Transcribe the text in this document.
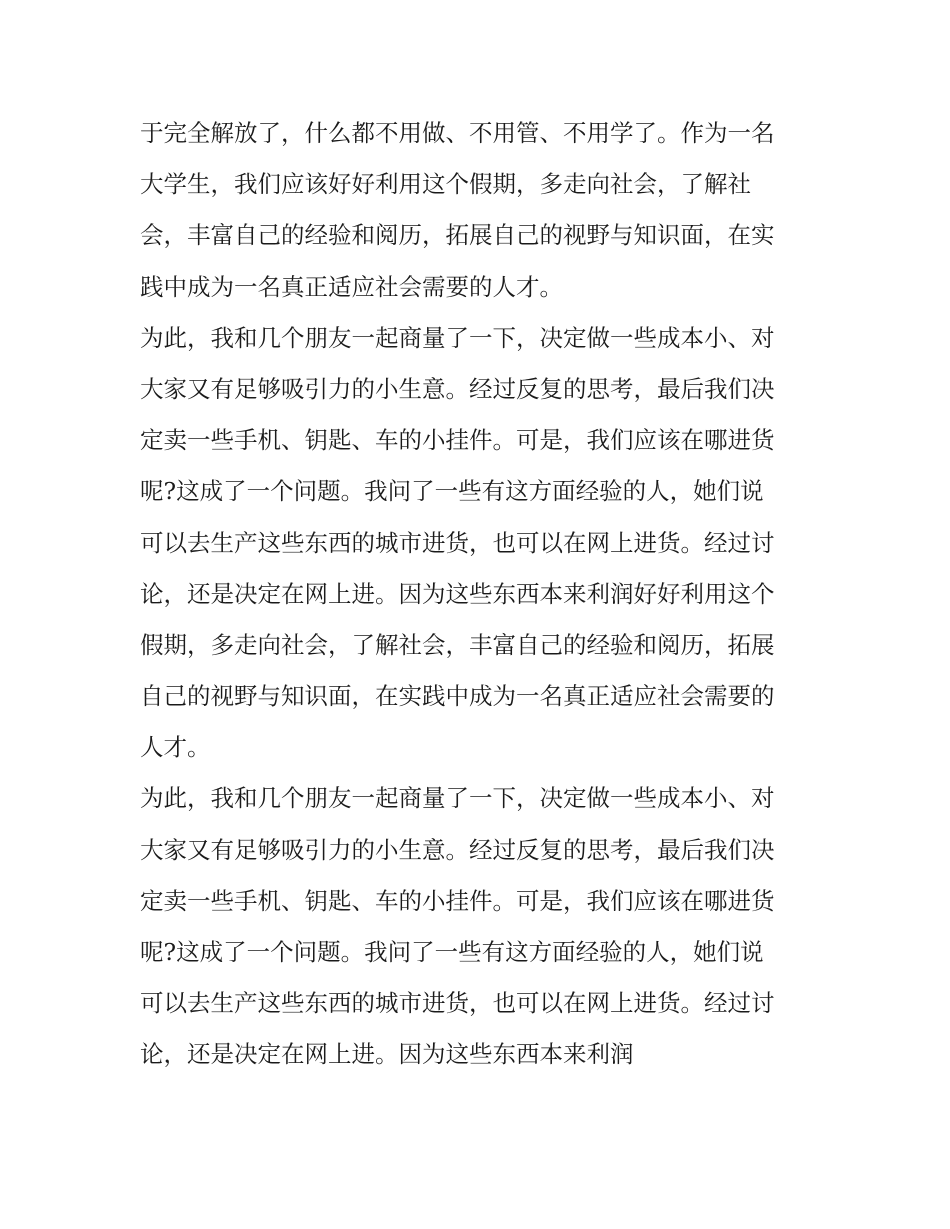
于完全解放了，什么都不用做、不用管、不用学了。作为一名
大学生，我们应该好好利用这个假期，多走向社会，了解社
会，丰富自己的经验和阅历，拓展自己的视野与知识面，在实
践中成为一名真正适应社会需要的人才。
为此，我和几个朋友一起商量了一下，决定做一些成本小、对
大家又有足够吸引力的小生意。经过反复的思考，最后我们决
定卖一些手机、钥匙、车的小挂件。可是，我们应该在哪进货
呢?这成了一个问题。我问了一些有这方面经验的人，她们说
可以去生产这些东西的城市进货，也可以在网上进货。经过讨
论，还是决定在网上进。因为这些东西本来利润好好利用这个
假期，多走向社会，了解社会，丰富自己的经验和阅历，拓展
自己的视野与知识面，在实践中成为一名真正适应社会需要的
人才。
为此，我和几个朋友一起商量了一下，决定做一些成本小、对
大家又有足够吸引力的小生意。经过反复的思考，最后我们决
定卖一些手机、钥匙、车的小挂件。可是，我们应该在哪进货
呢?这成了一个问题。我问了一些有这方面经验的人，她们说
可以去生产这些东西的城市进货，也可以在网上进货。经过讨
论，还是决定在网上进。因为这些东西本来利润
